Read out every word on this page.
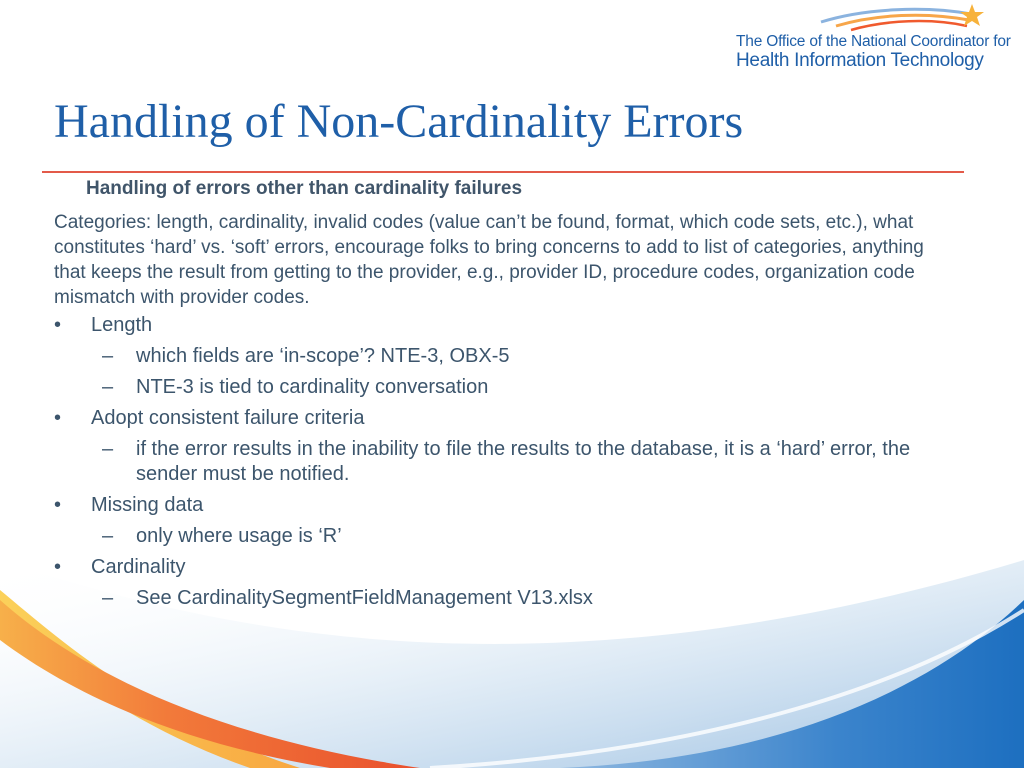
The Office of the National Coordinator for
Health Information Technology
Handling of Non-Cardinality Errors
Handling of errors other than cardinality failures
Categories: length, cardinality, invalid codes (value can’t be found, format, which code sets, etc.), what constitutes ‘hard’ vs. ‘soft’ errors, encourage folks to bring concerns to add to list of categories, anything that keeps the result from getting to the provider, e.g., provider ID, procedure codes, organization code mismatch with provider codes.
•	Length
–	which fields are ‘in-scope’? NTE-3, OBX-5
–	NTE-3 is tied to cardinality conversation
•	Adopt consistent failure criteria
–	if the error results in the inability to file the results to the database, it is a ‘hard’ error, the sender must be notified.
•	Missing data
–	only where usage is ‘R’
•	Cardinality
–	See CardinalitySegmentFieldManagement V13.xlsx
